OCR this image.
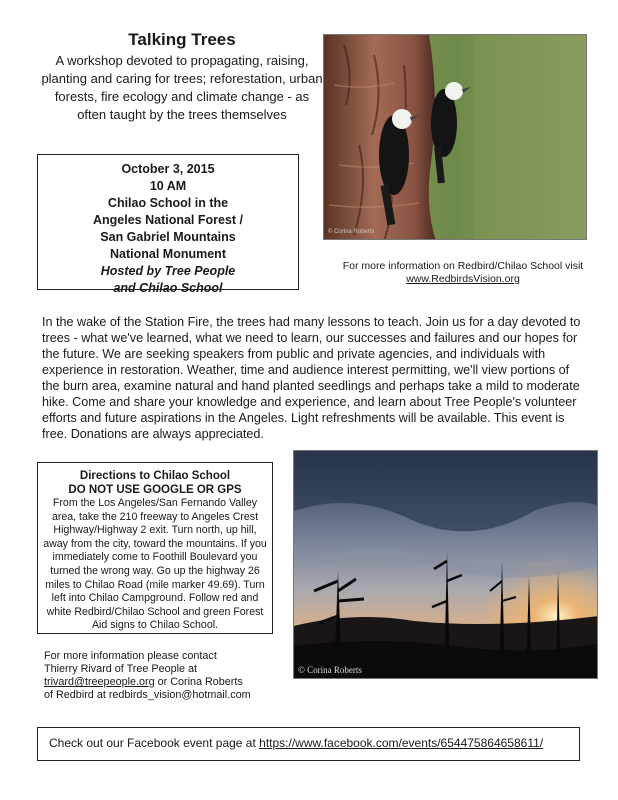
Talking Trees
A workshop devoted to propagating, raising, planting and caring for trees; reforestation, urban forests, fire ecology and climate change - as often taught by the trees themselves
October 3, 2015
10 AM
Chilao School in the
Angeles National Forest /
San Gabriel Mountains
National Monument
Hosted by Tree People
and Chilao School
© Corina Roberts
For more information on Redbird/Chilao School visit
www.RedbirdsVision.org
In the wake of the Station Fire, the trees had many lessons to teach. Join us for a day devoted to trees - what we've learned, what we need to learn, our successes and failures and our hopes for the future. We are seeking speakers from public and private agencies, and individuals with experience in restoration. Weather, time and audience interest permitting, we'll view portions of the burn area, examine natural and hand planted seedlings and perhaps take a mild to moderate hike. Come and share your knowledge and experience, and learn about Tree People's volunteer efforts and future aspirations in the Angeles. Light refreshments will be available. This event is free. Donations are always appreciated.
Directions to Chilao School
DO NOT USE GOOGLE OR GPS
From the Los Angeles/San Fernando Valley area, take the 210 freeway to Angeles Crest Highway/Highway 2 exit. Turn north, up hill, away from the city, toward the mountains. If you immediately come to Foothill Boulevard you turned the wrong way. Go up the highway 26 miles to Chilao Road (mile marker 49.69). Turn left into Chilao Campground. Follow red and white Redbird/Chilao School and green Forest Aid signs to Chilao School.
© Corina Roberts
For more information please contact
Thierry Rivard of Tree People at
trivard@treepeople.org or Corina Roberts
of Redbird at redbirds_vision@hotmail.com
Check out our Facebook event page at https://www.facebook.com/events/654475864658611/
